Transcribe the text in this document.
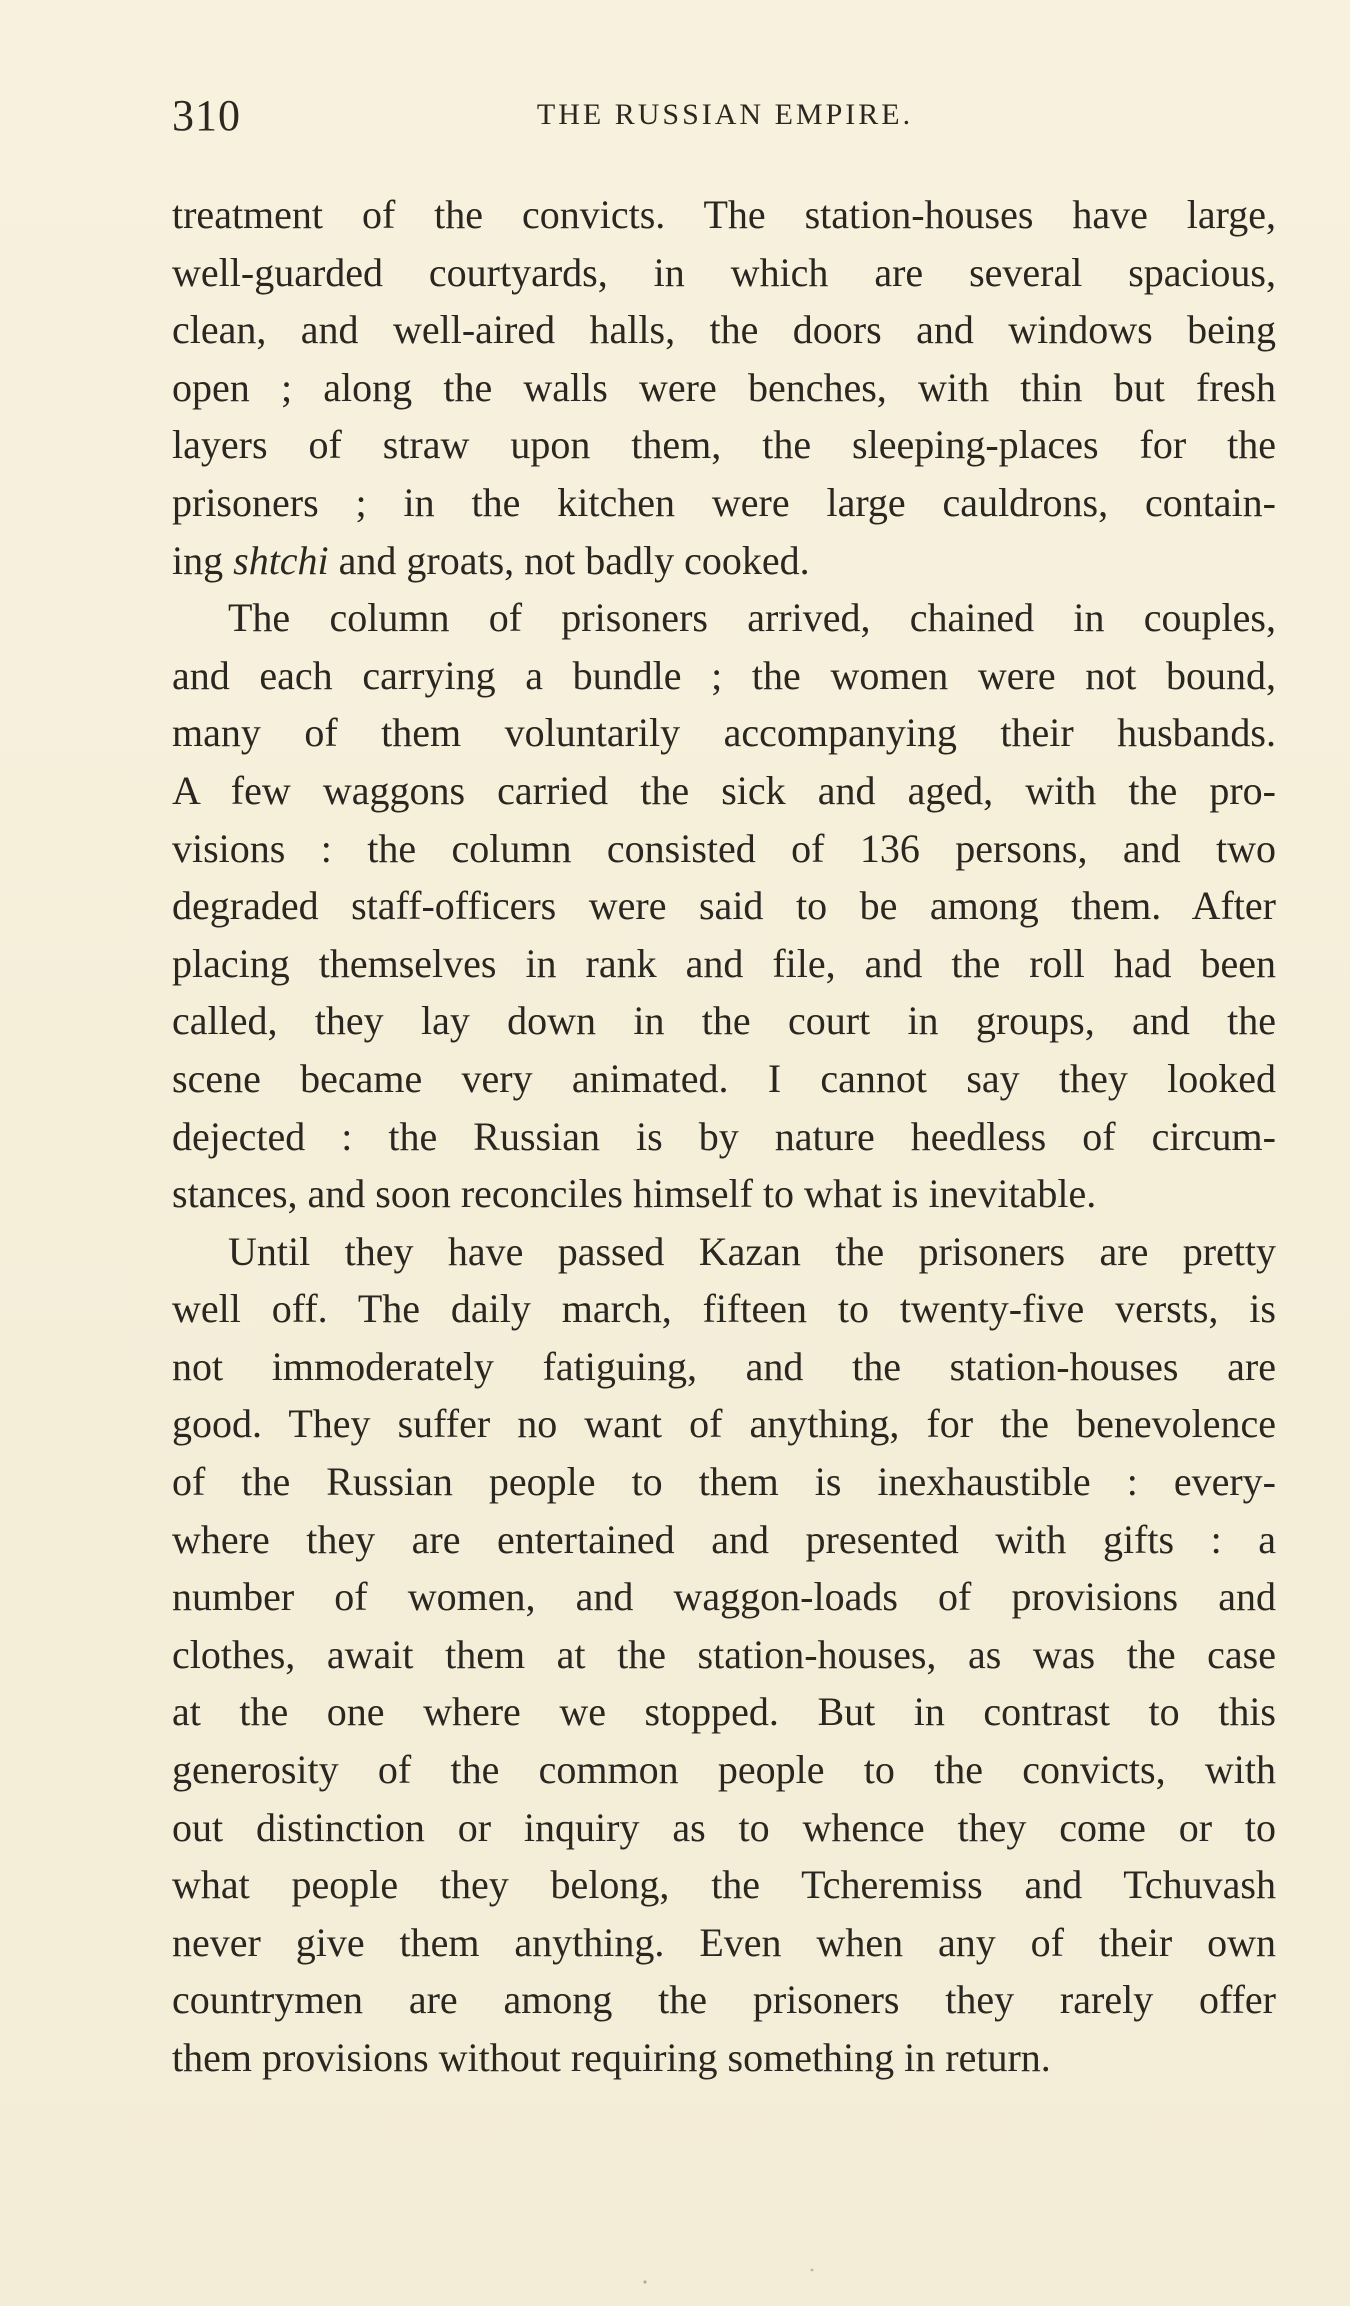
310	THE RUSSIAN EMPIRE.
treatment of the convicts. The station-houses have large,
well-guarded courtyards, in which are several spacious,
clean, and well-aired halls, the doors and windows being
open ; along the walls were benches, with thin but fresh
layers of straw upon them, the sleeping-places for the
prisoners ; in the kitchen were large cauldrons, contain-
ing shtchi and groats, not badly cooked.
The column of prisoners arrived, chained in couples,
and each carrying a bundle ; the women were not bound,
many of them voluntarily accompanying their husbands.
A few waggons carried the sick and aged, with the pro-
visions : the column consisted of 136 persons, and two
degraded staff-officers were said to be among them. After
placing themselves in rank and file, and the roll had been
called, they lay down in the court in groups, and the
scene became very animated. I cannot say they looked
dejected : the Russian is by nature heedless of circum-
stances, and soon reconciles himself to what is inevitable.
Until they have passed Kazan the prisoners are pretty
well off. The daily march, fifteen to twenty-five versts, is
not immoderately fatiguing, and the station-houses are
good. They suffer no want of anything, for the benevolence
of the Russian people to them is inexhaustible : every-
where they are entertained and presented with gifts : a
number of women, and waggon-loads of provisions and
clothes, await them at the station-houses, as was the case
at the one where we stopped. But in contrast to this
generosity of the common people to the convicts, with
out distinction or inquiry as to whence they come or to
what people they belong, the Tcheremiss and Tchuvash
never give them anything. Even when any of their own
countrymen are among the prisoners they rarely offer
them provisions without requiring something in return.
